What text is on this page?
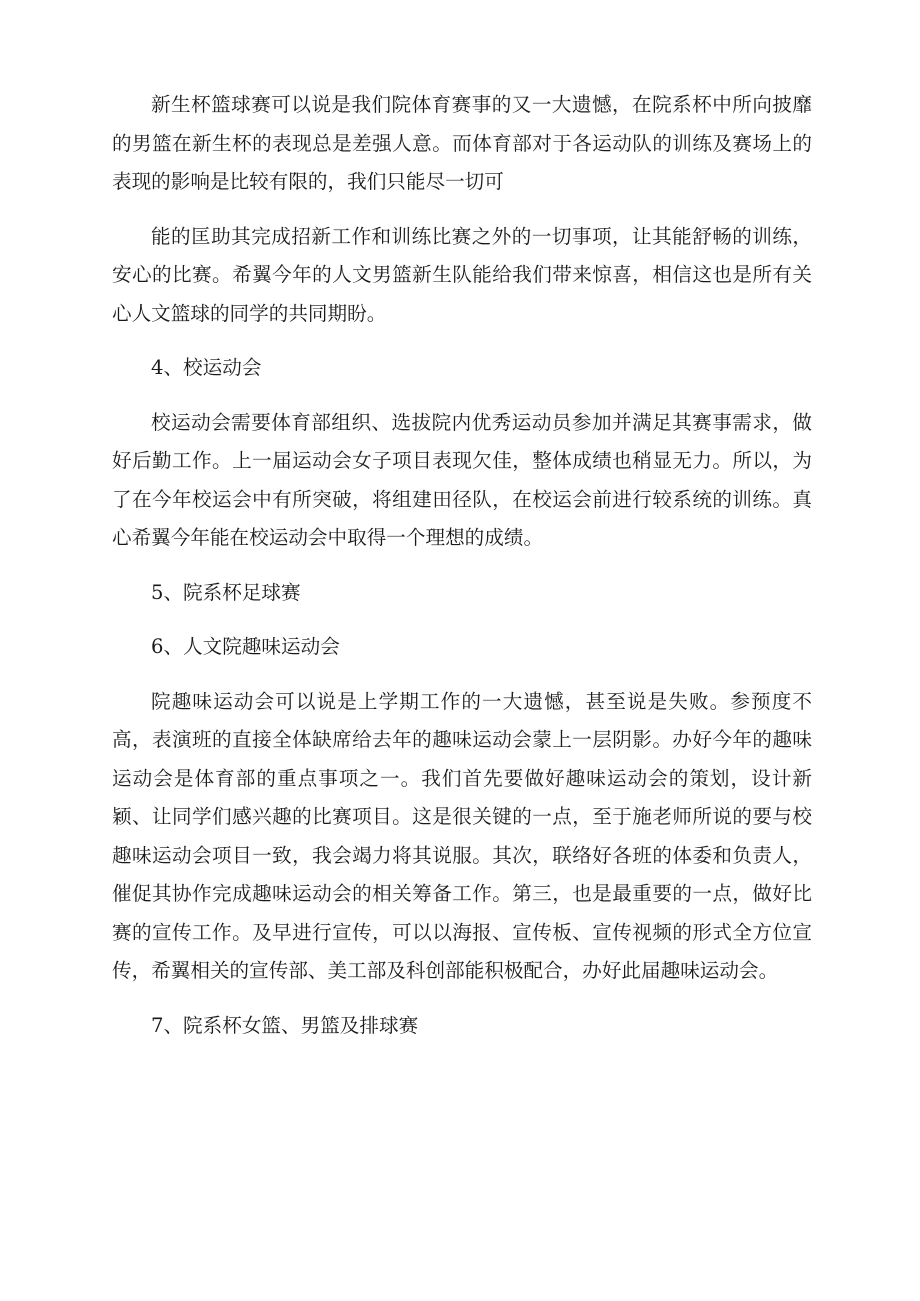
新生杯篮球赛可以说是我们院体育赛事的又一大遗憾，在院系杯中所向披靡的男篮在新生杯的表现总是差强人意。而体育部对于各运动队的训练及赛场上的表现的影响是比较有限的，我们只能尽一切可

能的匡助其完成招新工作和训练比赛之外的一切事项，让其能舒畅的训练，安心的比赛。希翼今年的人文男篮新生队能给我们带来惊喜，相信这也是所有关心人文篮球的同学的共同期盼。

4、校运动会

校运动会需要体育部组织、选拔院内优秀运动员参加并满足其赛事需求，做好后勤工作。上一届运动会女子项目表现欠佳，整体成绩也稍显无力。所以，为了在今年校运会中有所突破，将组建田径队，在校运会前进行较系统的训练。真心希翼今年能在校运动会中取得一个理想的成绩。

5、院系杯足球赛

6、人文院趣味运动会

院趣味运动会可以说是上学期工作的一大遗憾，甚至说是失败。参预度不高，表演班的直接全体缺席给去年的趣味运动会蒙上一层阴影。办好今年的趣味运动会是体育部的重点事项之一。我们首先要做好趣味运动会的策划，设计新颖、让同学们感兴趣的比赛项目。这是很关键的一点，至于施老师所说的要与校趣味运动会项目一致，我会竭力将其说服。其次，联络好各班的体委和负责人，催促其协作完成趣味运动会的相关筹备工作。第三，也是最重要的一点，做好比赛的宣传工作。及早进行宣传，可以以海报、宣传板、宣传视频的形式全方位宣传，希翼相关的宣传部、美工部及科创部能积极配合，办好此届趣味运动会。

7、院系杯女篮、男篮及排球赛
